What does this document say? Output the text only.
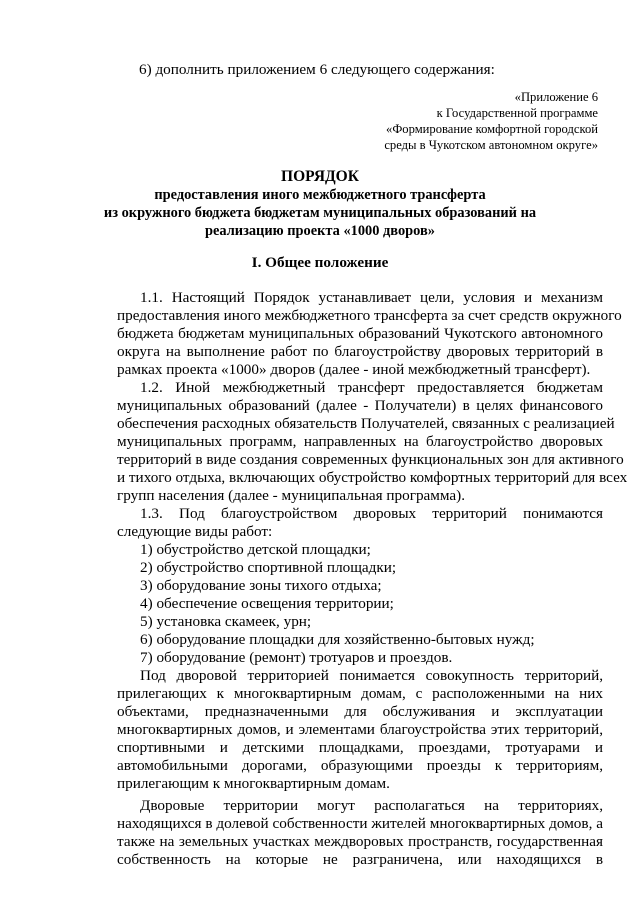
6) дополнить приложением 6 следующего содержания:
«Приложение 6
к Государственной программе
«Формирование комфортной городской
среды в Чукотском автономном округе»
ПОРЯДОК
предоставления иного межбюджетного трансферта
из окружного бюджета бюджетам муниципальных образований на
реализацию проекта «1000 дворов»
I. Общее положение
1.1. Настоящий Порядок устанавливает цели, условия и механизм
предоставления иного межбюджетного трансферта за счет средств окружного
бюджета бюджетам муниципальных образований Чукотского автономного
округа на выполнение работ по благоустройству дворовых территорий в
рамках проекта «1000» дворов (далее - иной межбюджетный трансферт).
1.2. Иной межбюджетный трансферт предоставляется бюджетам
муниципальных образований (далее - Получатели) в целях финансового
обеспечения расходных обязательств Получателей, связанных с реализацией
муниципальных программ, направленных на благоустройство дворовых
территорий в виде создания современных функциональных зон для активного
и тихого отдыха, включающих обустройство комфортных территорий для всех
групп населения (далее - муниципальная программа).
1.3. Под благоустройством дворовых территорий понимаются
следующие виды работ:
1) обустройство детской площадки;
2) обустройство спортивной площадки;
3) оборудование зоны тихого отдыха;
4) обеспечение освещения территории;
5) установка скамеек, урн;
6) оборудование площадки для хозяйственно-бытовых нужд;
7) оборудование (ремонт) тротуаров и проездов.
Под дворовой территорией понимается совокупность территорий,
прилегающих к многоквартирным домам, с расположенными на них
объектами, предназначенными для обслуживания и эксплуатации
многоквартирных домов, и элементами благоустройства этих территорий,
спортивными и детскими площадками, проездами, тротуарами и
автомобильными дорогами, образующими проезды к территориям,
прилегающим к многоквартирным домам.
Дворовые территории могут располагаться на территориях,
находящихся в долевой собственности жителей многоквартирных домов, а
также на земельных участках междворовых пространств, государственная
собственность на которые не разграничена, или находящихся в
